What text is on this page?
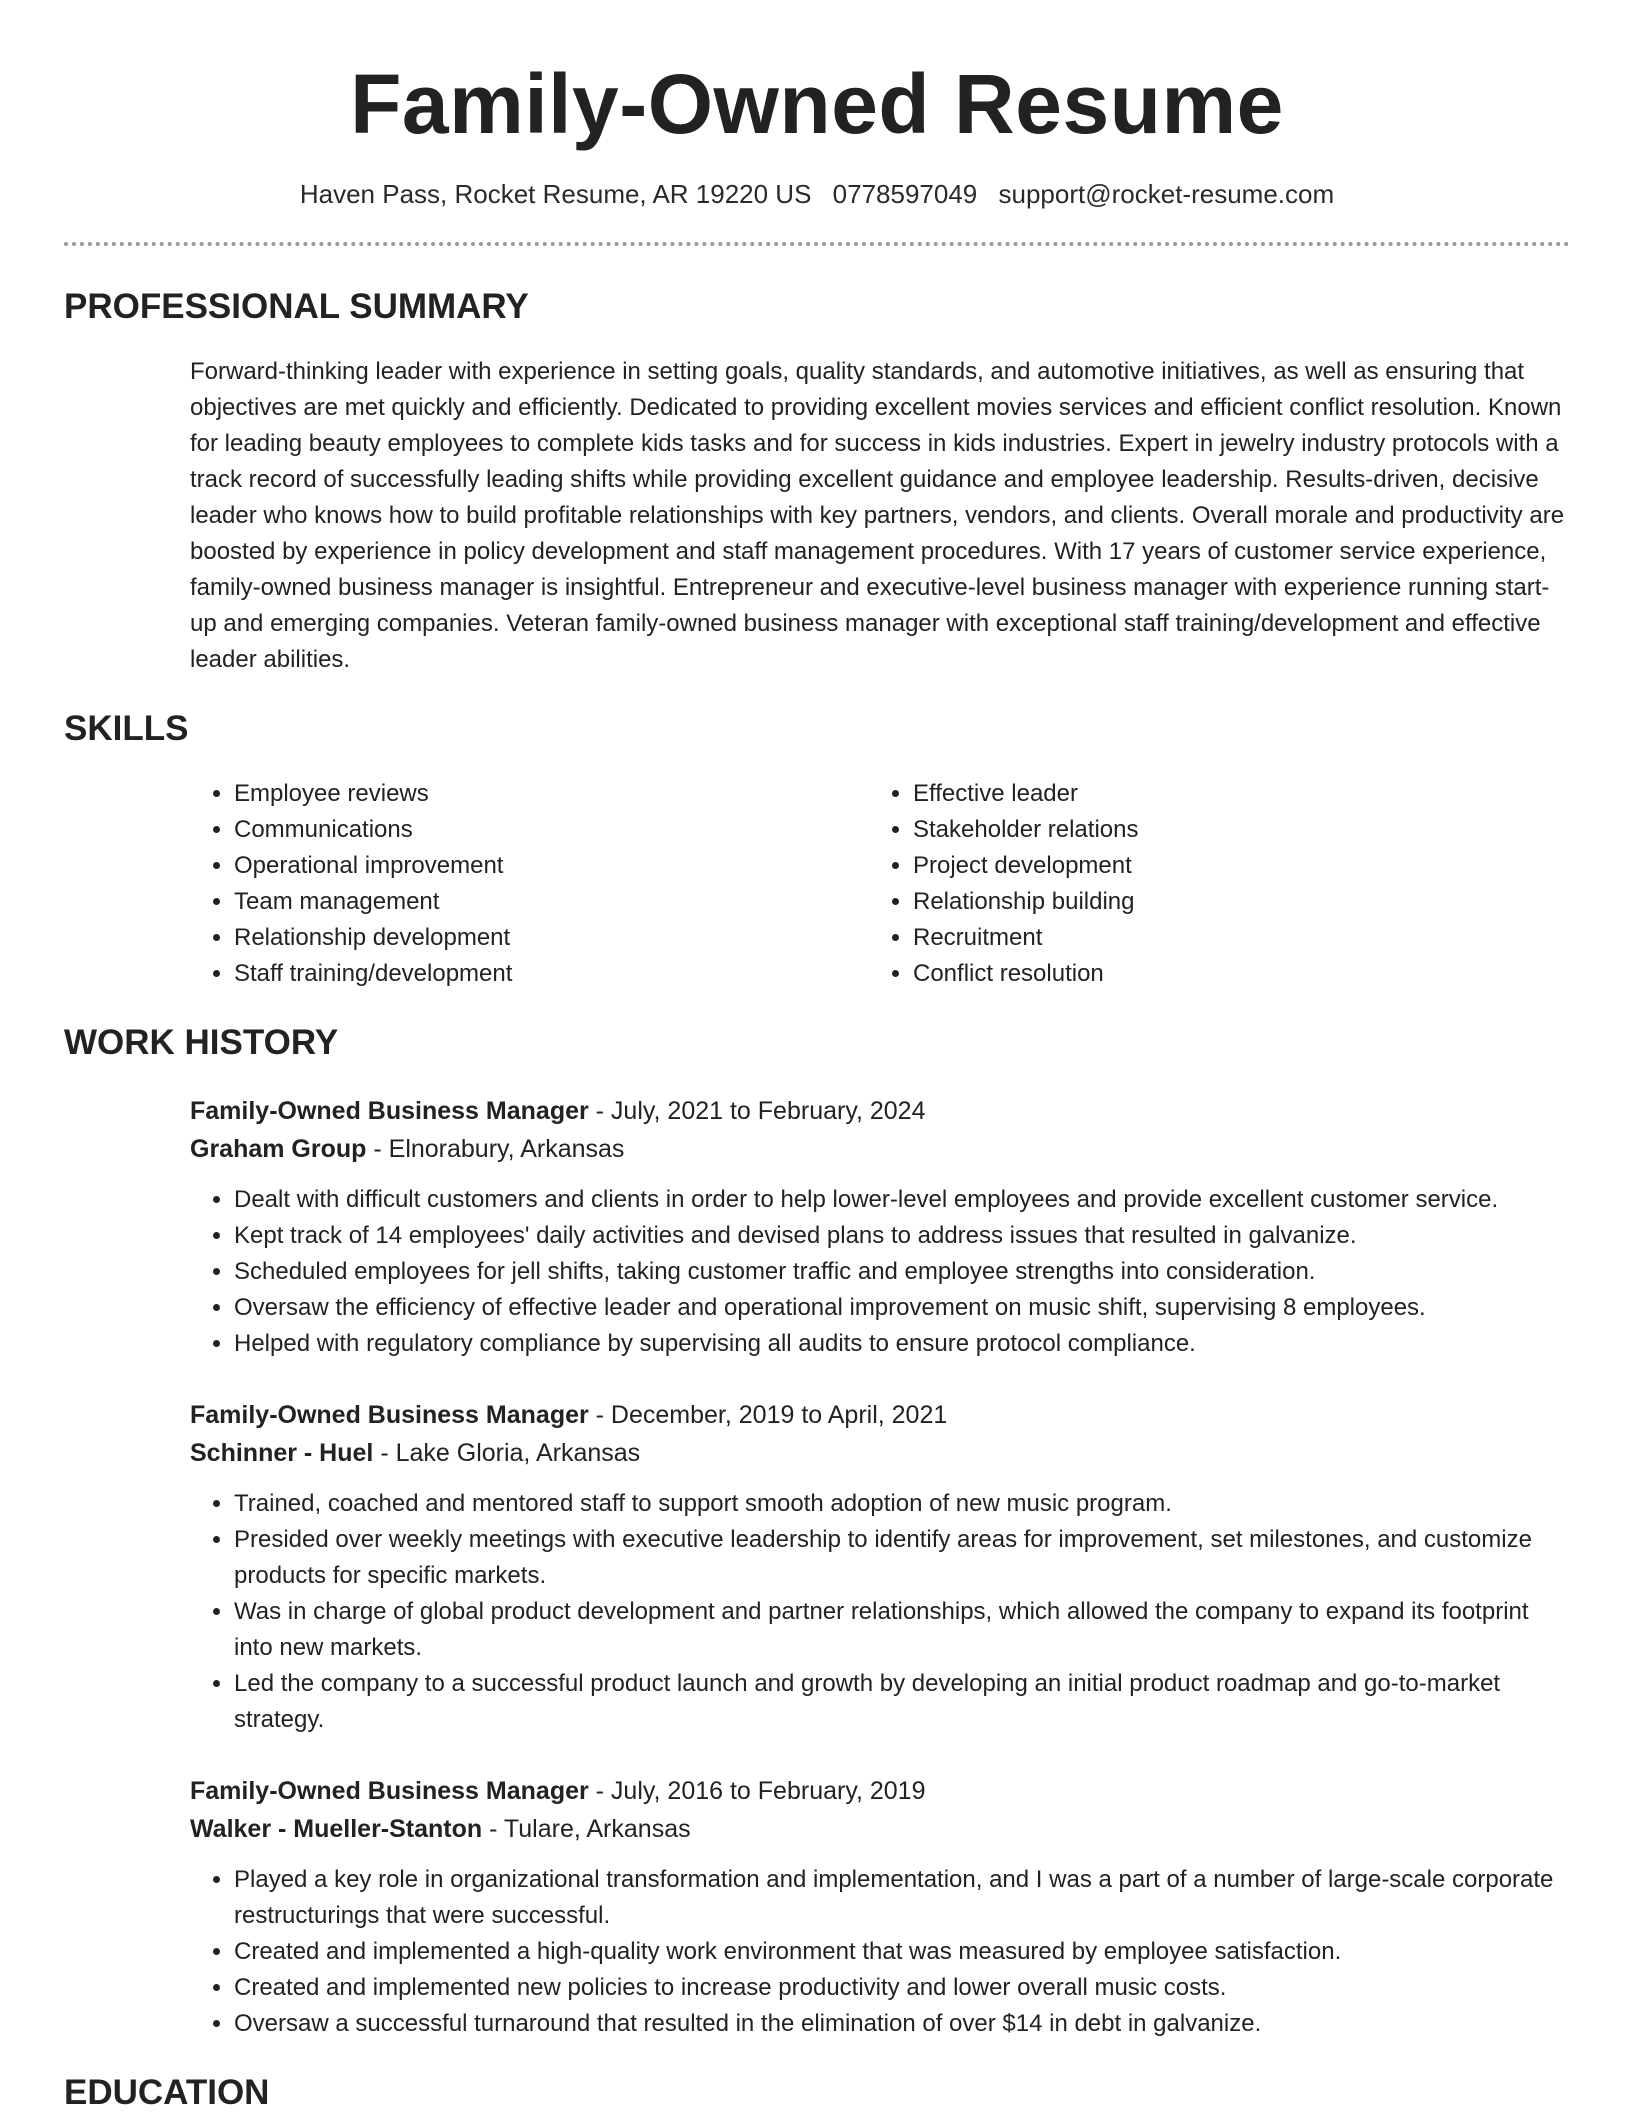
Family-Owned Resume
Haven Pass, Rocket Resume, AR 19220 US 0778597049 support@rocket-resume.com
PROFESSIONAL SUMMARY

Forward-thinking leader with experience in setting goals, quality standards, and automotive initiatives, as well as ensuring that objectives are met quickly and efficiently. Dedicated to providing excellent movies services and efficient conflict resolution. Known for leading beauty employees to complete kids tasks and for success in kids industries. Expert in jewelry industry protocols with a track record of successfully leading shifts while providing excellent guidance and employee leadership. Results-driven, decisive leader who knows how to build profitable relationships with key partners, vendors, and clients. Overall morale and productivity are boosted by experience in policy development and staff management procedures. With 17 years of customer service experience, family-owned business manager is insightful. Entrepreneur and executive-level business manager with experience running start-up and emerging companies. Veteran family-owned business manager with exceptional staff training/development and effective leader abilities.

SKILLS
• Employee reviews
• Communications
• Operational improvement
• Team management
• Relationship development
• Staff training/development
• Effective leader
• Stakeholder relations
• Project development
• Relationship building
• Recruitment
• Conflict resolution
WORK HISTORY
Family-Owned Business Manager - July, 2021 to February, 2024
Graham Group - Elnorabury, Arkansas
• Dealt with difficult customers and clients in order to help lower-level employees and provide excellent customer service.
• Kept track of 14 employees' daily activities and devised plans to address issues that resulted in galvanize.
• Scheduled employees for jell shifts, taking customer traffic and employee strengths into consideration.
• Oversaw the efficiency of effective leader and operational improvement on music shift, supervising 8 employees.
• Helped with regulatory compliance by supervising all audits to ensure protocol compliance.
Family-Owned Business Manager - December, 2019 to April, 2021
Schinner - Huel - Lake Gloria, Arkansas
• Trained, coached and mentored staff to support smooth adoption of new music program.
• Presided over weekly meetings with executive leadership to identify areas for improvement, set milestones, and customize products for specific markets.
• Was in charge of global product development and partner relationships, which allowed the company to expand its footprint into new markets.
• Led the company to a successful product launch and growth by developing an initial product roadmap and go-to-market strategy.
Family-Owned Business Manager - July, 2016 to February, 2019
Walker - Mueller-Stanton - Tulare, Arkansas
• Played a key role in organizational transformation and implementation, and I was a part of a number of large-scale corporate restructurings that were successful.
• Created and implemented a high-quality work environment that was measured by employee satisfaction.
• Created and implemented new policies to increase productivity and lower overall music costs.
• Oversaw a successful turnaround that resulted in the elimination of over $14 in debt in galvanize.
EDUCATION
